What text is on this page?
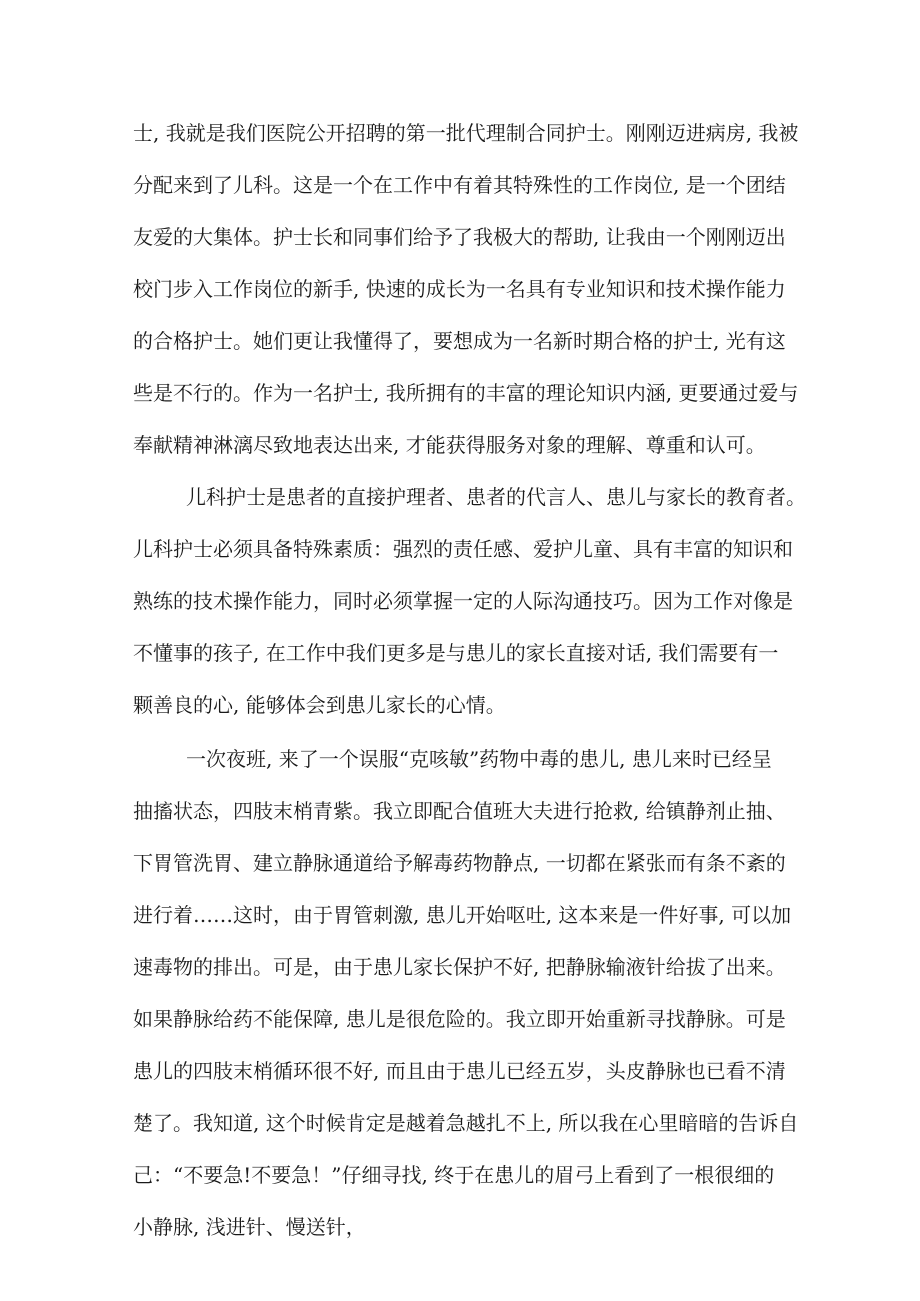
士, 我就是我们医院公开招聘的第一批代理制合同护士。刚刚迈进病房, 我被
分配来到了儿科。这是一个在工作中有着其特殊性的工作岗位, 是一个团结
友爱的大集体。护士长和同事们给予了我极大的帮助, 让我由一个刚刚迈出
校门步入工作岗位的新手, 快速的成长为一名具有专业知识和技术操作能力
的合格护士。她们更让我懂得了，要想成为一名新时期合格的护士, 光有这
些是不行的。作为一名护士, 我所拥有的丰富的理论知识内涵, 更要通过爱与
奉献精神淋漓尽致地表达出来, 才能获得服务对象的理解、尊重和认可。
儿科护士是患者的直接护理者、患者的代言人、患儿与家长的教育者。
儿科护士必须具备特殊素质：强烈的责任感、爱护儿童、具有丰富的知识和
熟练的技术操作能力，同时必须掌握一定的人际沟通技巧。因为工作对像是
不懂事的孩子, 在工作中我们更多是与患儿的家长直接对话, 我们需要有一
颗善良的心, 能够体会到患儿家长的心情。
一次夜班, 来了一个误服“克咳敏”药物中毒的患儿, 患儿来时已经呈
抽搐状态，四肢末梢青紫。我立即配合值班大夫进行抢救, 给镇静剂止抽、
下胃管洗胃、建立静脉通道给予解毒药物静点, 一切都在紧张而有条不紊的
进行着……这时，由于胃管刺激, 患儿开始呕吐, 这本来是一件好事, 可以加
速毒物的排出。可是，由于患儿家长保护不好, 把静脉输液针给拔了出来。
如果静脉给药不能保障, 患儿是很危险的。我立即开始重新寻找静脉。可是
患儿的四肢末梢循环很不好, 而且由于患儿已经五岁，头皮静脉也已看不清
楚了。我知道, 这个时候肯定是越着急越扎不上, 所以我在心里暗暗的告诉自
己：“不要急!不要急！”仔细寻找, 终于在患儿的眉弓上看到了一根很细的
小静脉, 浅进针、慢送针，
